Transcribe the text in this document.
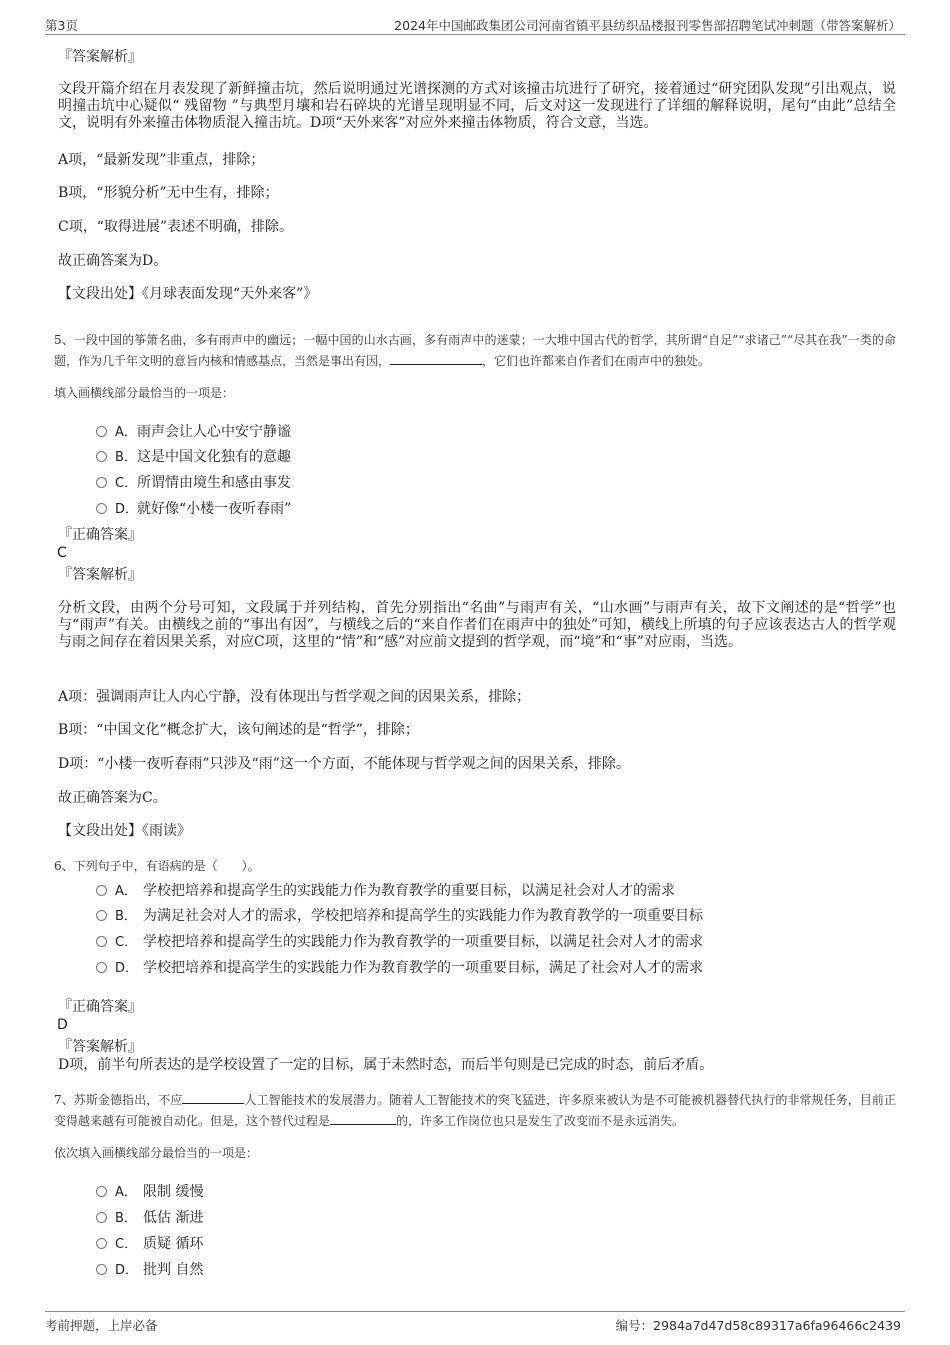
第3页	2024年中国邮政集团公司河南省镇平县纺织品楼报刊零售部招聘笔试冲刺题（带答案解析）
『答案解析』
文段开篇介绍在月表发现了新鲜撞击坑，然后说明通过光谱探测的方式对该撞击坑进行了研究，接着通过“研究团队发现”引出观点，说明撞击坑中心疑似“ 残留物 ”与典型月壤和岩石碎块的光谱呈现明显不同，后文对这一发现进行了详细的解释说明，尾句“由此”总结全文，说明有外来撞击体物质混入撞击坑。D项“天外来客”对应外来撞击体物质，符合文意，当选。
A项，“最新发现”非重点，排除；
B项，“形貌分析”无中生有，排除；
C项，“取得进展”表述不明确，排除。
故正确答案为D。
【文段出处】《月球表面发现“天外来客”》
5、一段中国的筝箫名曲，多有雨声中的幽远；一幅中国的山水古画，多有雨声中的迷蒙；一大堆中国古代的哲学，其所谓“自足”“求诸己”“尽其在我”一类的命题，作为几千年文明的意旨内核和情感基点，当然是事出有因，	，它们也许都来自作者们在雨声中的独处。
填入画横线部分最恰当的一项是：
A．雨声会让人心中安宁静谧
B．这是中国文化独有的意趣
C．所谓情由境生和感由事发
D．就好像“小楼一夜听春雨”
『正确答案』
C
『答案解析』
分析文段，由两个分号可知，文段属于并列结构，首先分别指出“名曲”与雨声有关，“山水画”与雨声有关，故下文阐述的是“哲学”也与“雨声”有关。由横线之前的“事出有因”，与横线之后的“来自作者们在雨声中的独处”可知，横线上所填的句子应该表达古人的哲学观与雨之间存在着因果关系，对应C项，这里的“情”和“感”对应前文提到的哲学观，而“境”和“事”对应雨，当选。
A项：强调雨声让人内心宁静，没有体现出与哲学观之间的因果关系，排除；
B项：“中国文化”概念扩大，该句阐述的是“哲学”，排除；
D项：“小楼一夜听春雨”只涉及“雨”这一个方面，不能体现与哲学观之间的因果关系，排除。
故正确答案为C。
【文段出处】《雨读》
6、下列句子中，有语病的是（　　）。
A． 学校把培养和提高学生的实践能力作为教育教学的重要目标，以满足社会对人才的需求
B． 为满足社会对人才的需求，学校把培养和提高学生的实践能力作为教育教学的一项重要目标
C． 学校把培养和提高学生的实践能力作为教育教学的一项重要目标，以满足社会对人才的需求
D． 学校把培养和提高学生的实践能力作为教育教学的一项重要目标，满足了社会对人才的需求
『正确答案』
D
『答案解析』
D项，前半句所表达的是学校设置了一定的目标，属于未然时态，而后半句则是已完成的时态，前后矛盾。
7、苏斯金德指出，不应	人工智能技术的发展潜力。随着人工智能技术的突飞猛进，许多原来被认为是不可能被机器替代执行的非常规任务，目前正变得越来越有可能被自动化。但是，这个替代过程是	的，许多工作岗位也只是发生了改变而不是永远消失。
依次填入画横线部分最恰当的一项是：
A． 限制 缓慢
B． 低估 渐进
C． 质疑 循环
D． 批判 自然
考前押题，上岸必备	编号：2984a7d47d58c89317a6fa96466c2439
